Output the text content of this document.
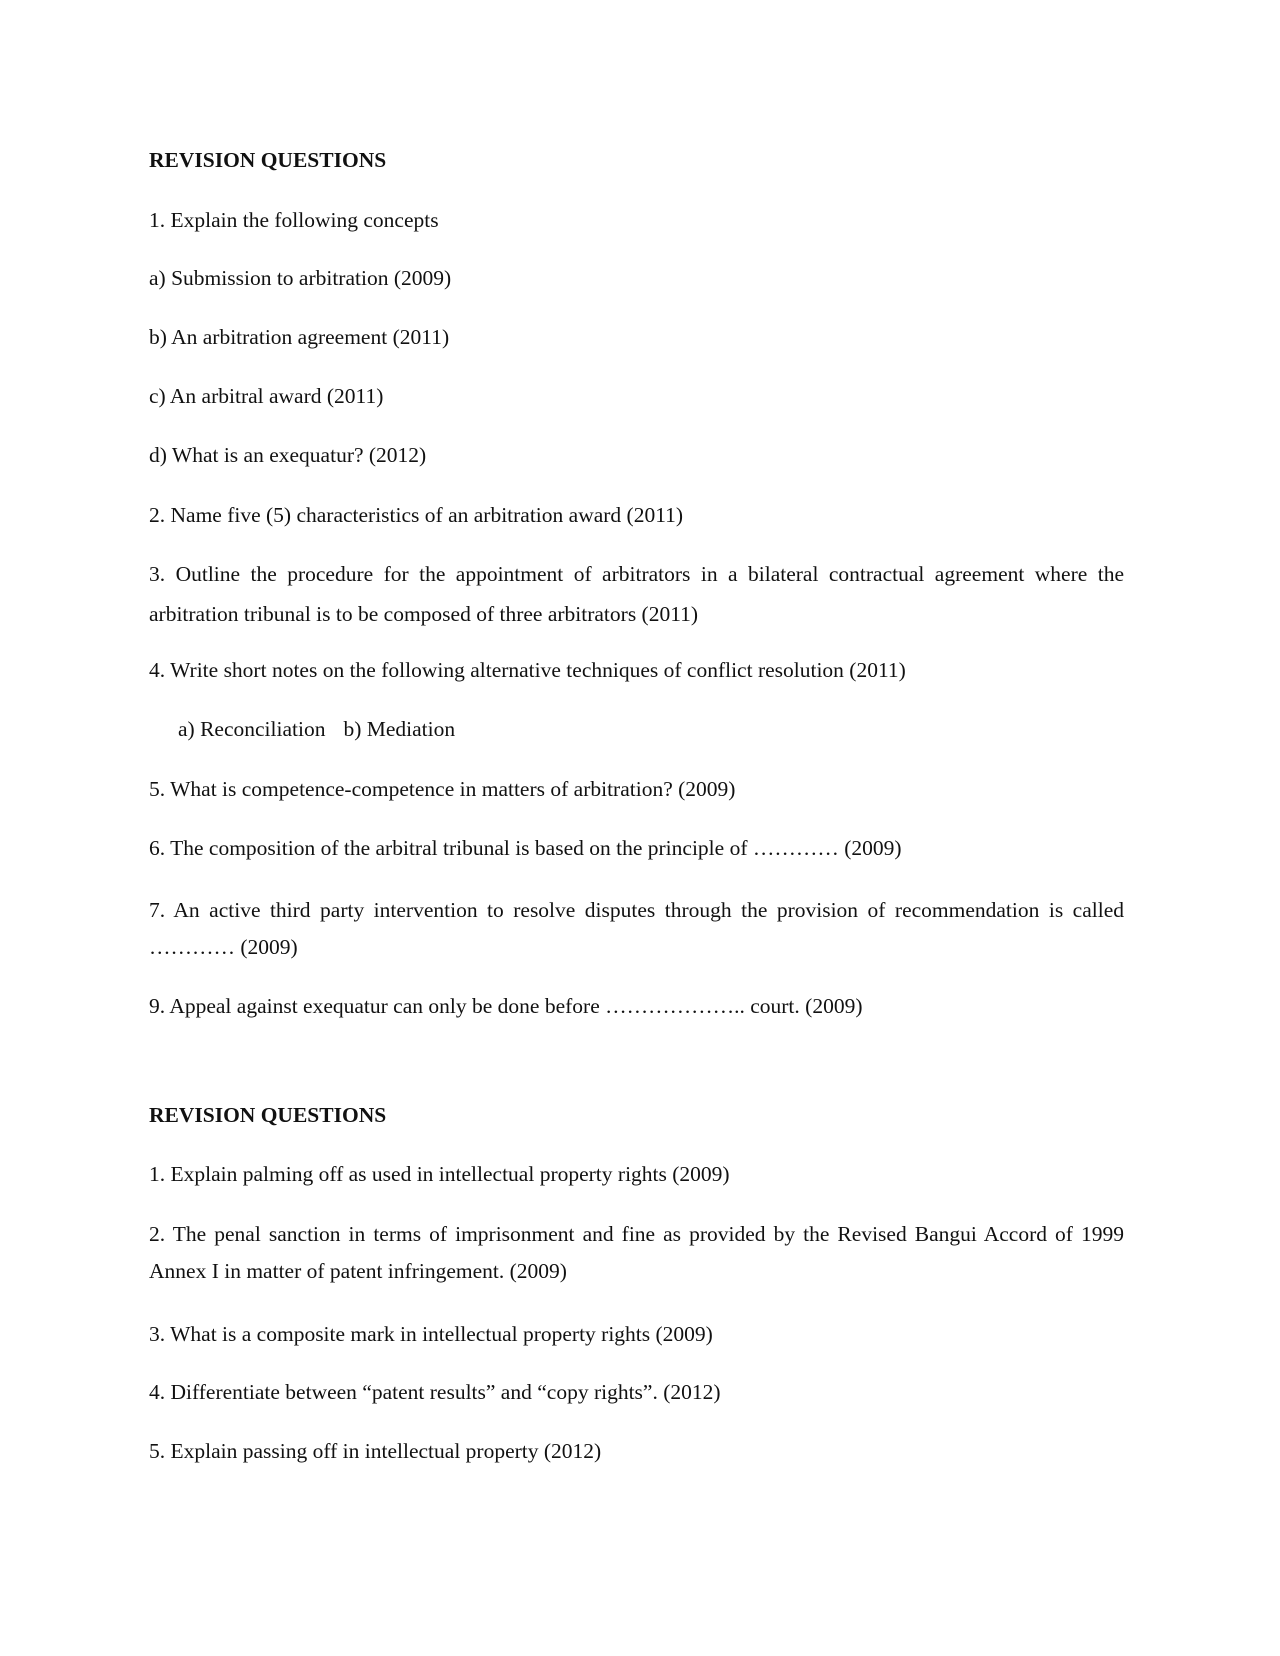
REVISION QUESTIONS
1. Explain the following concepts
a) Submission to arbitration (2009)
b) An arbitration agreement (2011)
c) An arbitral award (2011)
d) What is an exequatur? (2012)
2. Name five (5) characteristics of an arbitration award (2011)
3. Outline the procedure for the appointment of arbitrators in a bilateral contractual agreement where the arbitration tribunal is to be composed of three arbitrators (2011)
4. Write short notes on the following alternative techniques of conflict resolution (2011)
a) Reconciliation b) Mediation
5. What is competence-competence in matters of arbitration? (2009)
6. The composition of the arbitral tribunal is based on the principle of ………… (2009)
7. An active third party intervention to resolve disputes through the provision of recommendation is called ………… (2009)
9. Appeal against exequatur can only be done before ……………….. court. (2009)
REVISION QUESTIONS
1. Explain palming off as used in intellectual property rights (2009)
2. The penal sanction in terms of imprisonment and fine as provided by the Revised Bangui Accord of 1999 Annex I in matter of patent infringement. (2009)
3. What is a composite mark in intellectual property rights (2009)
4. Differentiate between “patent results” and “copy rights”. (2012)
5. Explain passing off in intellectual property (2012)
